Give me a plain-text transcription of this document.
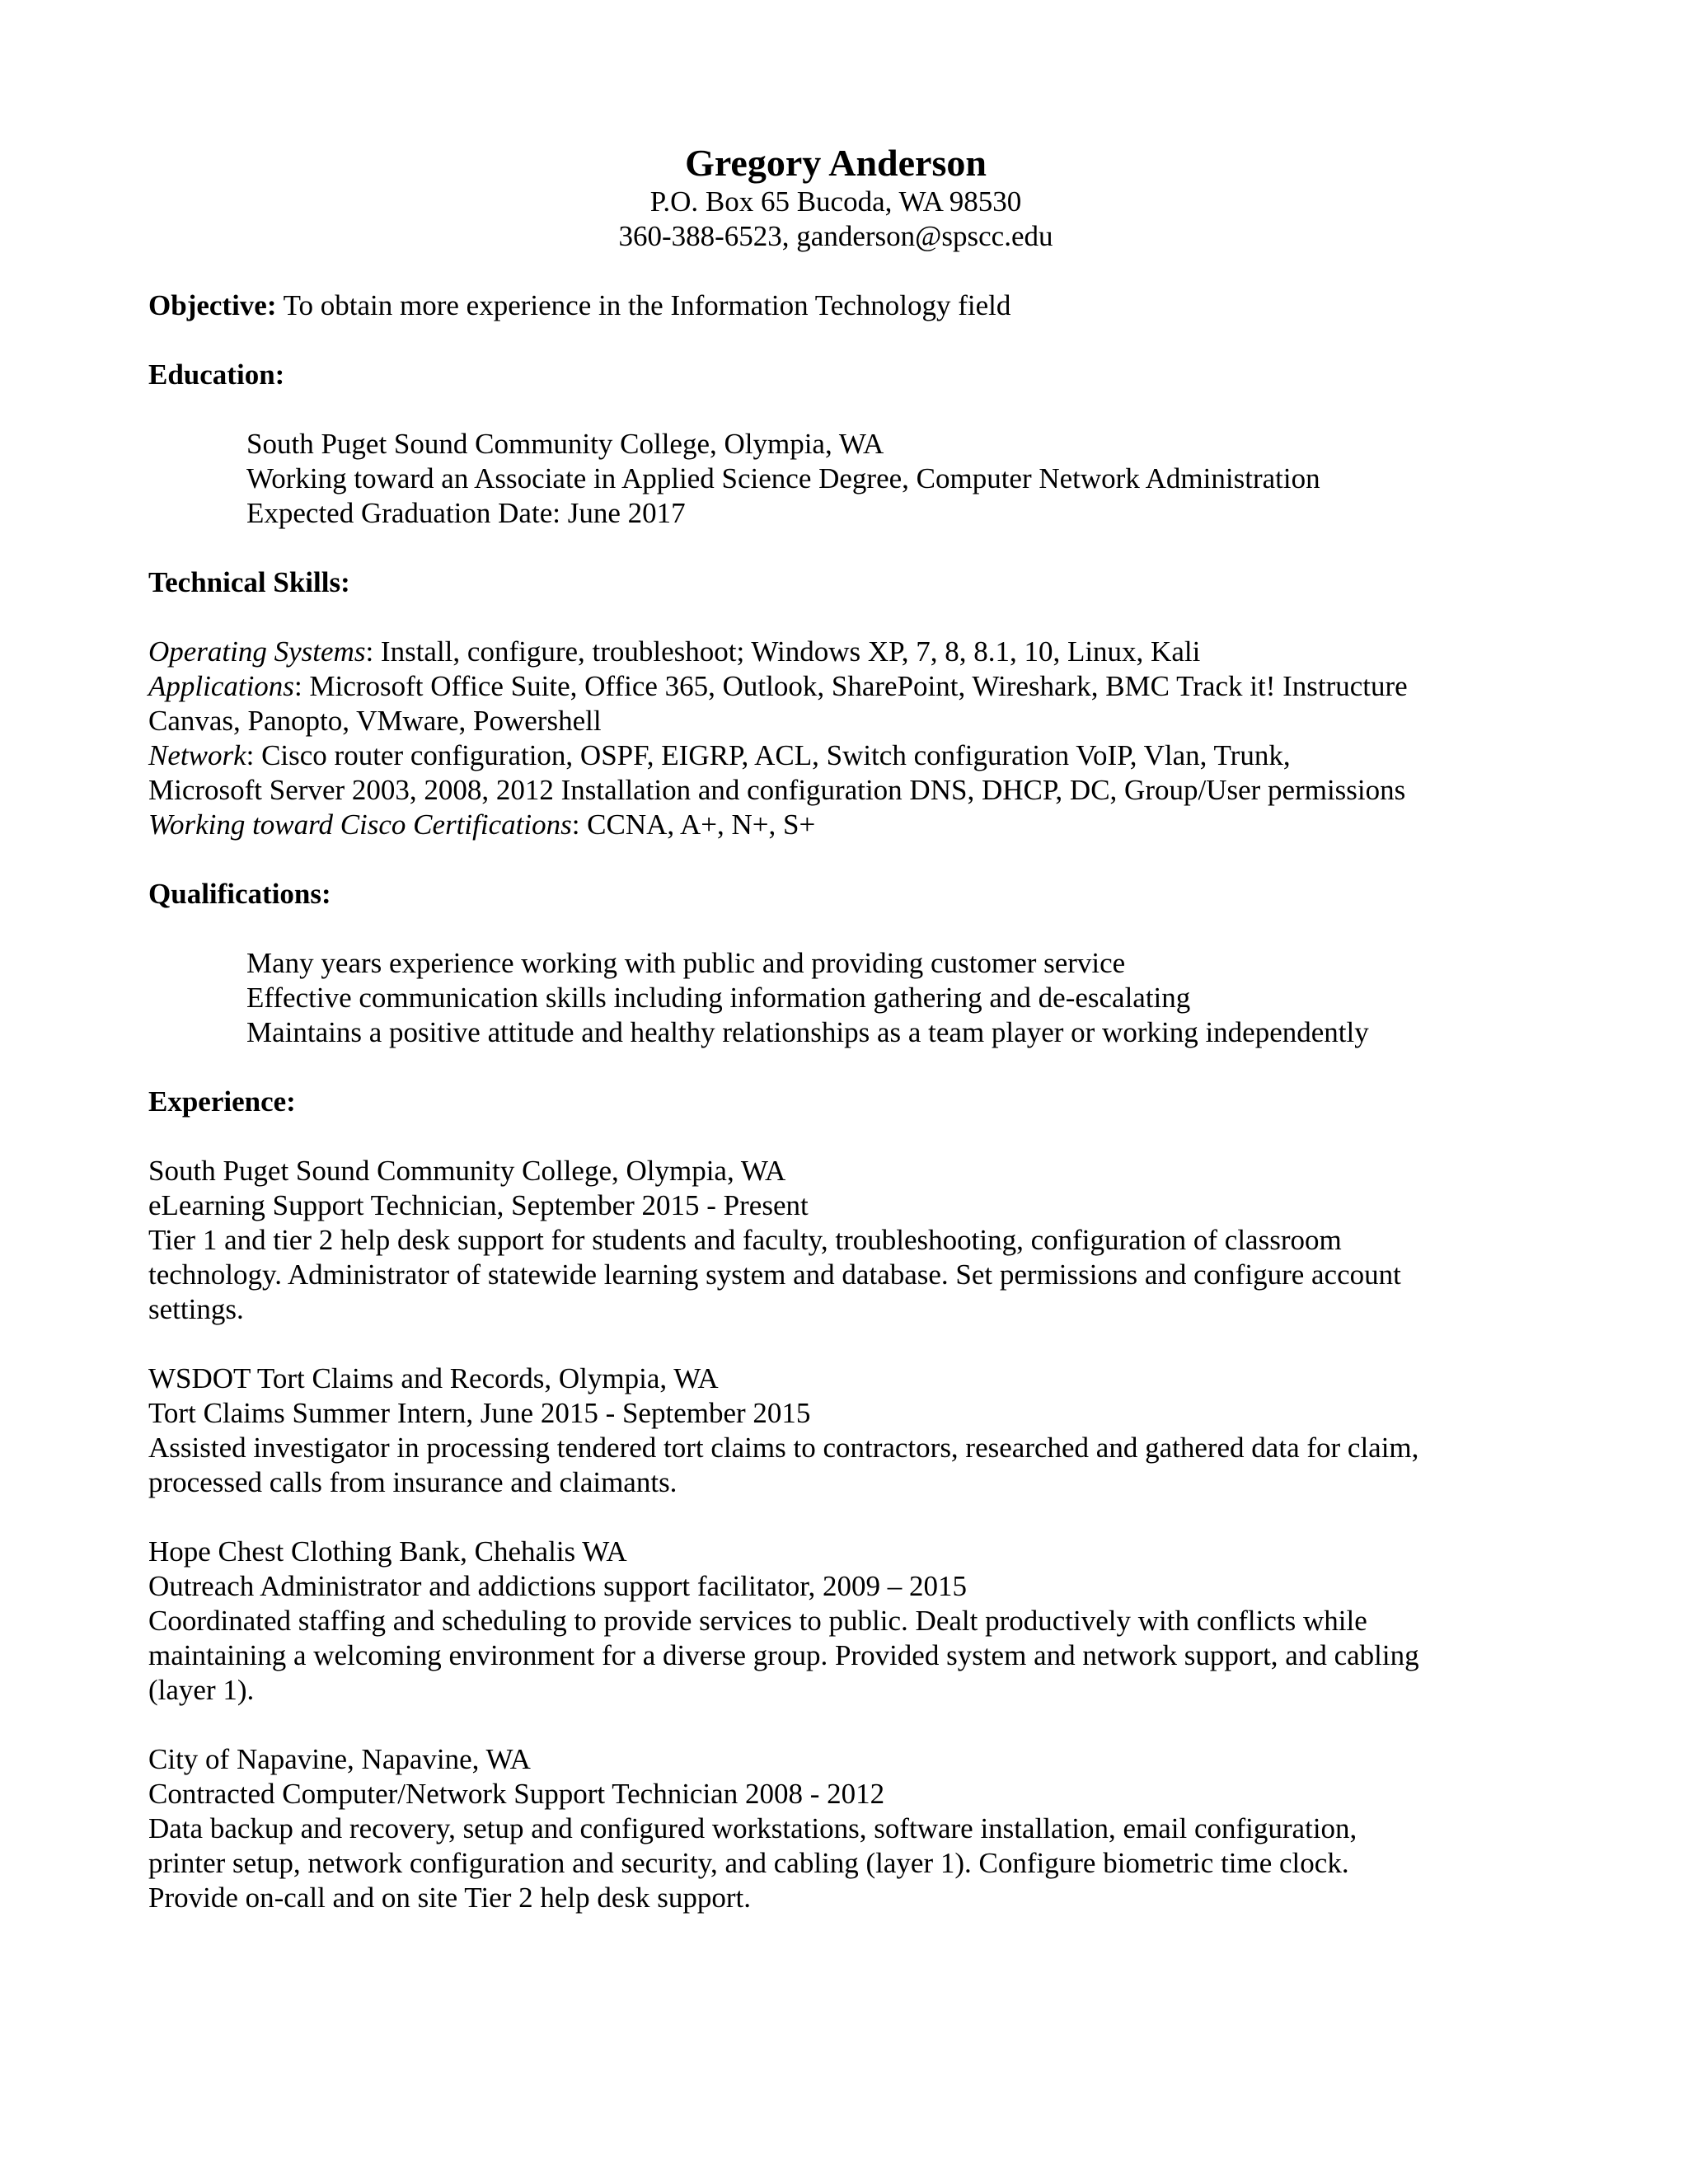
Gregory Anderson

P.O. Box 65 Bucoda, WA 98530

360-388-6523, ganderson@spscc.edu

Objective: To obtain more experience in the Information Technology field

Education:

South Puget Sound Community College, Olympia, WA

Working toward an Associate in Applied Science Degree, Computer Network Administration

Expected Graduation Date: June 2017

Technical Skills:

Operating Systems: Install, configure, troubleshoot; Windows XP, 7, 8, 8.1, 10, Linux, Kali

Applications: Microsoft Office Suite, Office 365, Outlook, SharePoint, Wireshark, BMC Track it! Instructure

Canvas, Panopto, VMware, Powershell

Network: Cisco router configuration, OSPF, EIGRP, ACL, Switch configuration VoIP, Vlan, Trunk,

Microsoft Server 2003, 2008, 2012 Installation and configuration DNS, DHCP, DC, Group/User permissions

Working toward Cisco Certifications: CCNA, A+, N+, S+

Qualifications:

Many years experience working with public and providing customer service

Effective communication skills including information gathering and de-escalating

Maintains a positive attitude and healthy relationships as a team player or working independently

Experience:

South Puget Sound Community College, Olympia, WA

eLearning Support Technician, September 2015 - Present

Tier 1 and tier 2 help desk support for students and faculty, troubleshooting, configuration of classroom

technology. Administrator of statewide learning system and database. Set permissions and configure account

settings.

WSDOT Tort Claims and Records, Olympia, WA

Tort Claims Summer Intern, June 2015 - September 2015

Assisted investigator in processing tendered tort claims to contractors, researched and gathered data for claim,

processed calls from insurance and claimants.

Hope Chest Clothing Bank, Chehalis WA

Outreach Administrator and addictions support facilitator, 2009 – 2015

Coordinated staffing and scheduling to provide services to public. Dealt productively with conflicts while

maintaining a welcoming environment for a diverse group. Provided system and network support, and cabling

(layer 1).

City of Napavine, Napavine, WA

Contracted Computer/Network Support Technician 2008 - 2012

Data backup and recovery, setup and configured workstations, software installation, email configuration,

printer setup, network configuration and security, and cabling (layer 1). Configure biometric time clock.

Provide on-call and on site Tier 2 help desk support.
